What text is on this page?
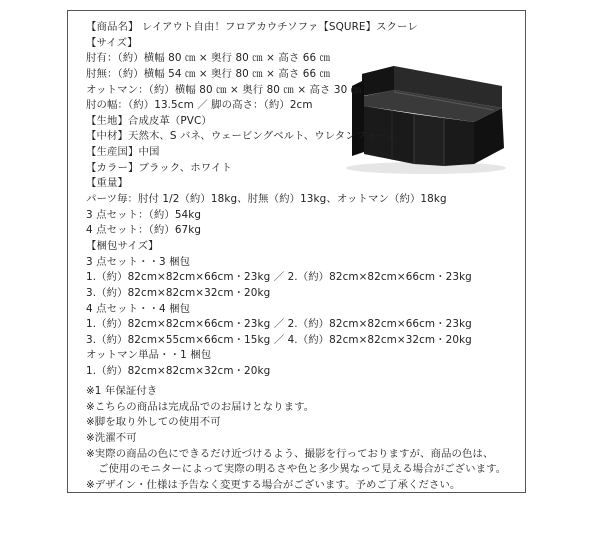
【商品名】 レイアウト自由！フロアカウチソファ【SQURE】スクーレ
【サイズ】
肘有：（約）横幅 80 ㎝ × 奥行 80 ㎝ × 高さ 66 ㎝
肘無：（約）横幅 54 ㎝ × 奥行 80 ㎝ × 高さ 66 ㎝
オットマン：（約）横幅 80 ㎝ × 奥行 80 ㎝ × 高さ 30 ㎝
肘の幅：（約）13.5cm ／ 脚の高さ：（約）2cm
【生地】合成皮革（PVC）
【中材】天然木、S バネ、ウェービングベルト、ウレタンフォーム
【生産国】中国
【カラー】ブラック、ホワイト
【重量】
パーツ毎：肘付 1/2（約）18kg、肘無（約）13kg、オットマン（約）18kg
3 点セット：（約）54kg
4 点セット：（約）67kg
【梱包サイズ】
3 点セット・・3 梱包
1.（約）82cm×82cm×66cm・23kg ／ 2.（約）82cm×82cm×66cm・23kg
3.（約）82cm×82cm×32cm・20kg
4 点セット・・4 梱包
1.（約）82cm×82cm×66cm・23kg ／ 2.（約）82cm×82cm×66cm・23kg
3.（約）82cm×55cm×66cm・15kg ／ 4.（約）82cm×82cm×32cm・20kg
オットマン単品・・1 梱包
1.（約）82cm×82cm×32cm・20kg
※1 年保証付き
※こちらの商品は完成品でのお届けとなります。
※脚を取り外しての使用不可
※洗濯不可
※実際の商品の色にできるだけ近づけるよう、撮影を行っておりますが、商品の色は、
ご使用のモニターによって実際の明るさや色と多少異なって見える場合がございます。
※デザイン・仕様は予告なく変更する場合がございます。予めご了承ください。
